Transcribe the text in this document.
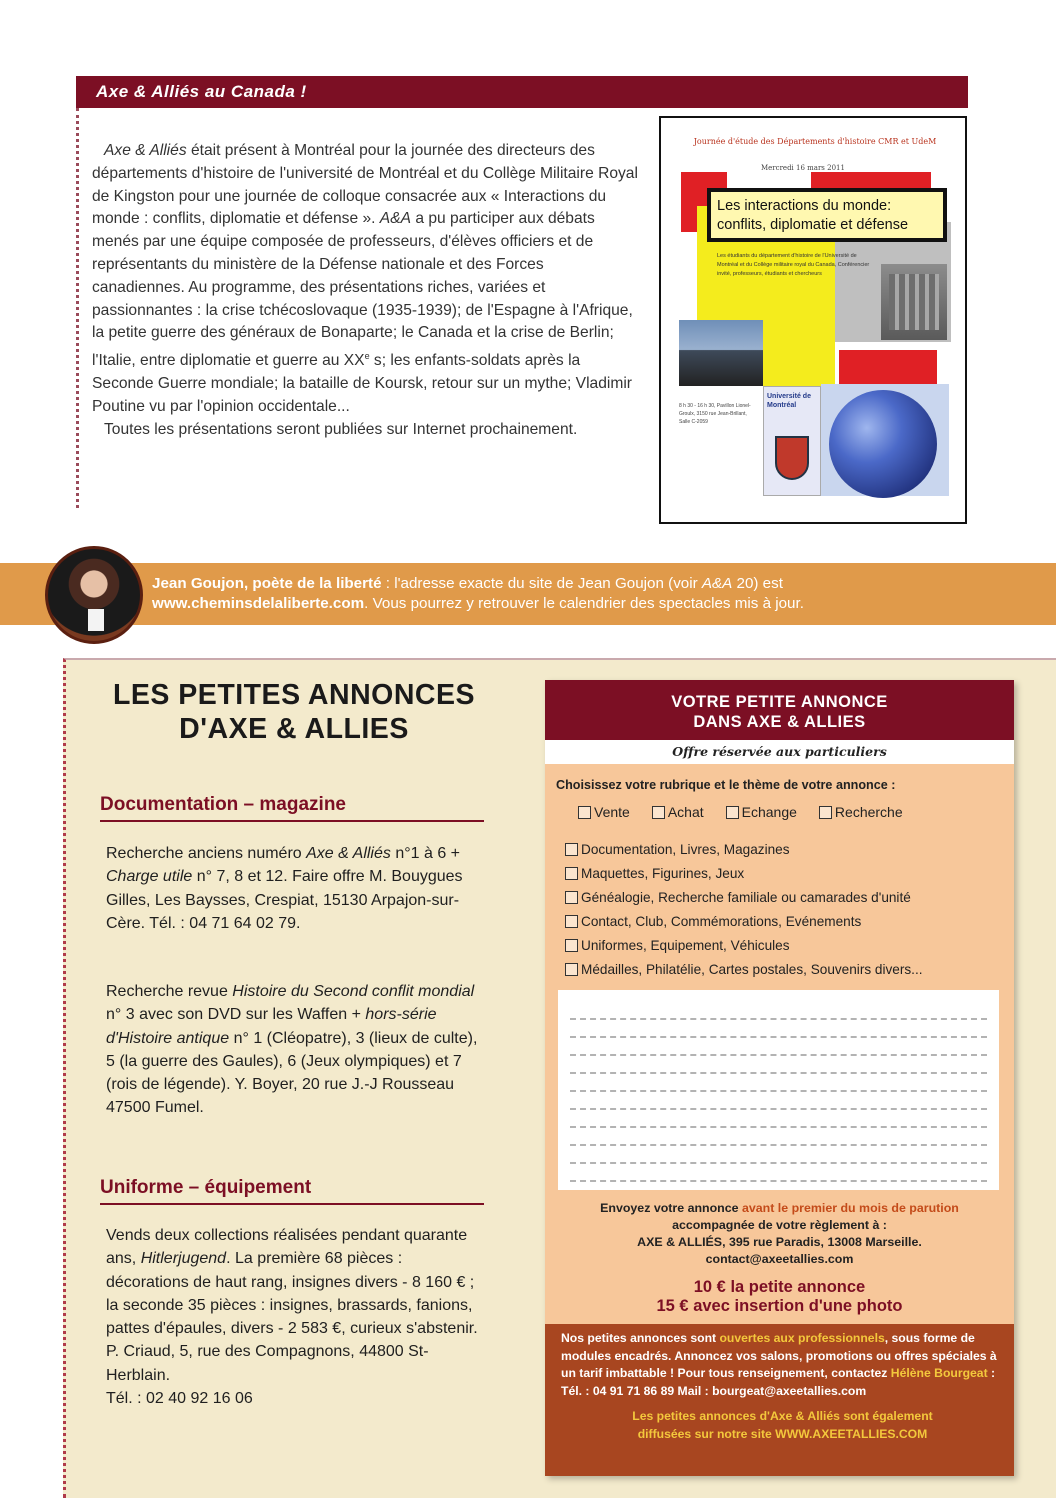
Axe & Alliés au Canada !

Axe & Alliés était présent à Montréal pour la journée des directeurs des départements d'histoire de l'université de Montréal et du Collège Militaire Royal de Kingston pour une journée de colloque consacrée aux « Interactions du monde : conflits, diplomatie et défense ». A&A a pu participer aux débats menés par une équipe composée de professeurs, d'élèves officiers et de représentants du ministère de la Défense nationale et des Forces canadiennes. Au programme, des présentations riches, variées et passionnantes : la crise tchécoslovaque (1935-1939); de l'Espagne à l'Afrique, la petite guerre des généraux de Bonaparte; le Canada et la crise de Berlin; l'Italie, entre diplomatie et guerre au XXe s; les enfants-soldats après la Seconde Guerre mondiale; la bataille de Koursk, retour sur un mythe; Vladimir Poutine vu par l'opinion occidentale...

Toutes les présentations seront publiées sur Internet prochainement.

Journée d'étude des Départements d'histoire CMR et UdeM
Mercredi 16 mars 2011
Les interactions du monde: conflits, diplomatie et défense
Les étudiants du département d'histoire de l'Université de Montréal et du Collège militaire royal du Canada, Conférencier invité, professeurs, étudiants et chercheurs
8 h 30 - 16 h 30, Pavillon Lionel-Groulx, 3150 rue Jean-Brillant, Salle C-2059
Université de Montréal
Jean Goujon, poète de la liberté : l'adresse exacte du site de Jean Goujon (voir A&A 20) est
www.cheminsdelaliberte.com. Vous pourrez y retrouver le calendrier des spectacles mis à jour.
LES PETITES ANNONCES
D'AXE & ALLIES
Documentation – magazine
Recherche anciens numéro Axe & Alliés n°1 à 6 + Charge utile n° 7, 8 et 12. Faire offre M. Bouygues Gilles, Les Baysses, Crespiat, 15130 Arpajon-sur-Cère. Tél. : 04 71 64 02 79.
Recherche revue Histoire du Second conflit mondial n° 3 avec son DVD sur les Waffen + hors-série d'Histoire antique n° 1 (Cléopatre), 3 (lieux de culte), 5 (la guerre des Gaules), 6 (Jeux olympiques) et 7 (rois de légende). Y. Boyer, 20 rue J.-J Rousseau 47500 Fumel.
Uniforme – équipement
Vends deux collections réalisées pendant quarante ans, Hitlerjugend. La première 68 pièces : décorations de haut rang, insignes divers - 8 160 € ; la seconde 35 pièces : insignes, brassards, fanions, pattes d'épaules, divers - 2 583 €, curieux s'abstenir. P. Criaud, 5, rue des Compagnons, 44800 St-Herblain.
Tél. : 02 40 92 16 06
VOTRE PETITE ANNONCE
DANS AXE & ALLIES
Offre réservée aux particuliers
Choisissez votre rubrique et le thème de votre annonce :
Vente	Achat	Echange	Recherche
Documentation, Livres, Magazines
Maquettes, Figurines, Jeux
Généalogie, Recherche familiale ou camarades d'unité
Contact, Club, Commémorations, Evénements
Uniformes, Equipement, Véhicules
Médailles, Philatélie, Cartes postales, Souvenirs divers...
Envoyez votre annonce avant le premier du mois de parution
accompagnée de votre règlement à :
AXE & ALLIÉS, 395 rue Paradis, 13008 Marseille.
contact@axeetallies.com
10 € la petite annonce
15 € avec insertion d'une photo
Nos petites annonces sont ouvertes aux professionnels, sous forme de modules encadrés. Annoncez vos salons, promotions ou offres spéciales à un tarif imbattable ! Pour tous renseignement, contactez Hélène Bourgeat :
Tél. : 04 91 71 86 89 Mail : bourgeat@axeetallies.com
Les petites annonces d'Axe & Alliés sont également
diffusées sur notre site WWW.AXEETALLIES.COM
